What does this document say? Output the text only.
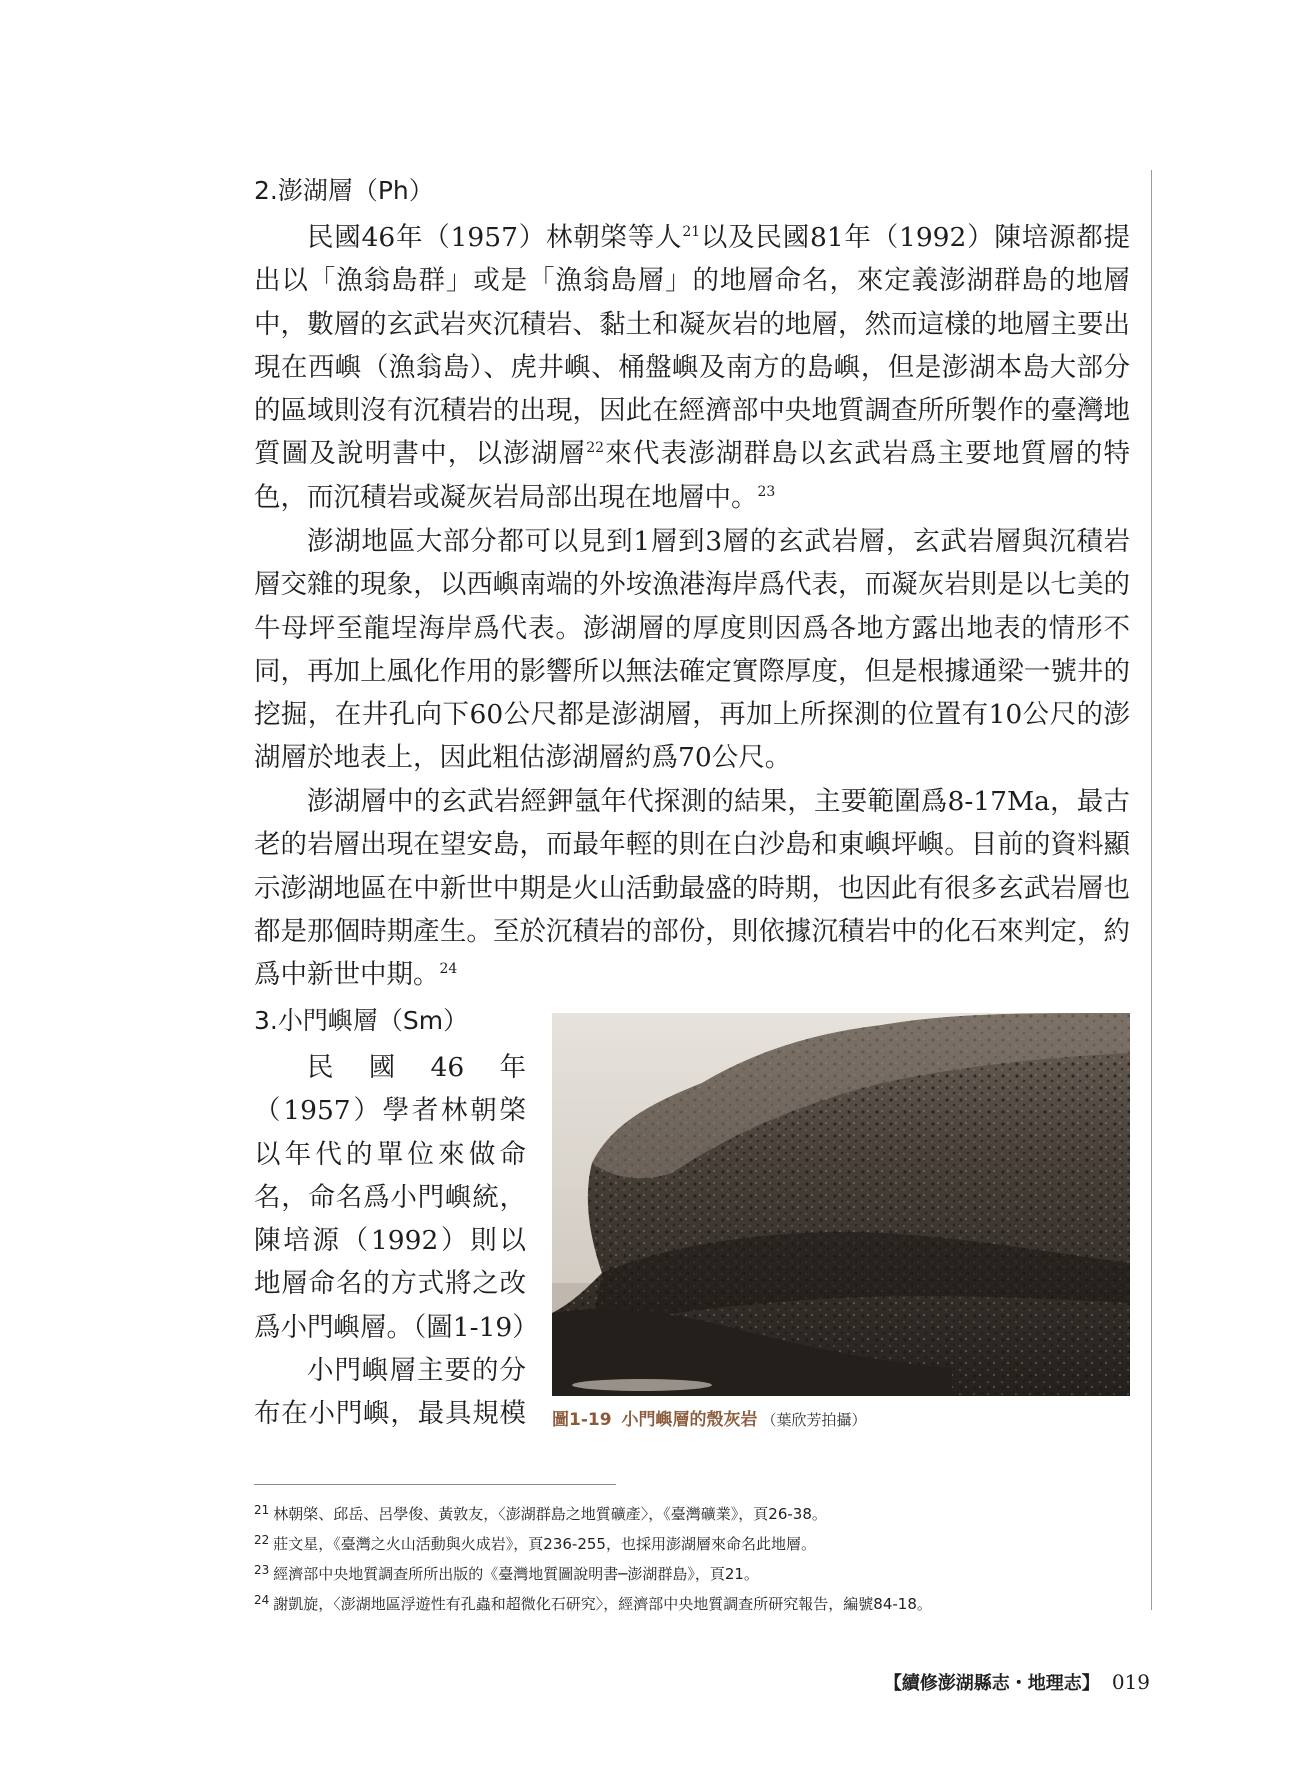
2.澎湖層（Ph）

民國46年（1957）林朝棨等人$^{21}$以及民國81年（1992）陳培源都提出以「漁翁島群」或是「漁翁島層」的地層命名，來定義澎湖群島的地層中，數層的玄武岩夾沉積岩、黏土和凝灰岩的地層，然而這樣的地層主要出現在西嶼（漁翁島）、虎井嶼、桶盤嶼及南方的島嶼，但是澎湖本島大部分的區域則沒有沉積岩的出現，因此在經濟部中央地質調查所所製作的臺灣地質圖及說明書中，以澎湖層$^{22}$來代表澎湖群島以玄武岩爲主要地質層的特色，而沉積岩或凝灰岩局部出現在地層中。$^{23}$

澎湖地區大部分都可以見到1層到3層的玄武岩層，玄武岩層與沉積岩層交雜的現象，以西嶼南端的外垵漁港海岸爲代表，而凝灰岩則是以七美的牛母坪至龍埕海岸爲代表。澎湖層的厚度則因爲各地方露出地表的情形不同，再加上風化作用的影響所以無法確定實際厚度，但是根據通梁一號井的挖掘，在井孔向下60公尺都是澎湖層，再加上所探測的位置有10公尺的澎湖層於地表上，因此粗估澎湖層約爲70公尺。

澎湖層中的玄武岩經鉀氬年代探測的結果，主要範圍爲8-17Ma，最古老的岩層出現在望安島，而最年輕的則在白沙島和東嶼坪嶼。目前的資料顯示澎湖地區在中新世中期是火山活動最盛的時期，也因此有很多玄武岩層也都是那個時期產生。至於沉積岩的部份，則依據沉積岩中的化石來判定，約爲中新世中期。$^{24}$

3.小門嶼層（Sm）

民國46年（1957）學者林朝棨以年代的單位來做命名，命名爲小門嶼統，陳培源（1992）則以地層命名的方式將之改爲小門嶼層。（圖1-19）

小門嶼層主要的分布在小門嶼，最具規模 圖1-19 小門嶼層的殼灰岩 （葉欣芳拍攝）
$^{21}$ 林朝棨、邱岳、呂學俊、黃敦友，〈澎湖群島之地質礦產〉，《臺灣礦業》，頁26-38。
$^{22}$ 莊文星，《臺灣之火山活動與火成岩》，頁236-255，也採用澎湖層來命名此地層。
$^{23}$ 經濟部中央地質調查所所出版的《臺灣地質圖說明書─澎湖群島》，頁21。
$^{24}$ 謝凱旋，〈澎湖地區浮遊性有孔蟲和超微化石研究〉，經濟部中央地質調查所研究報告，編號84-18。
【續修澎湖縣志・地理志】 019
